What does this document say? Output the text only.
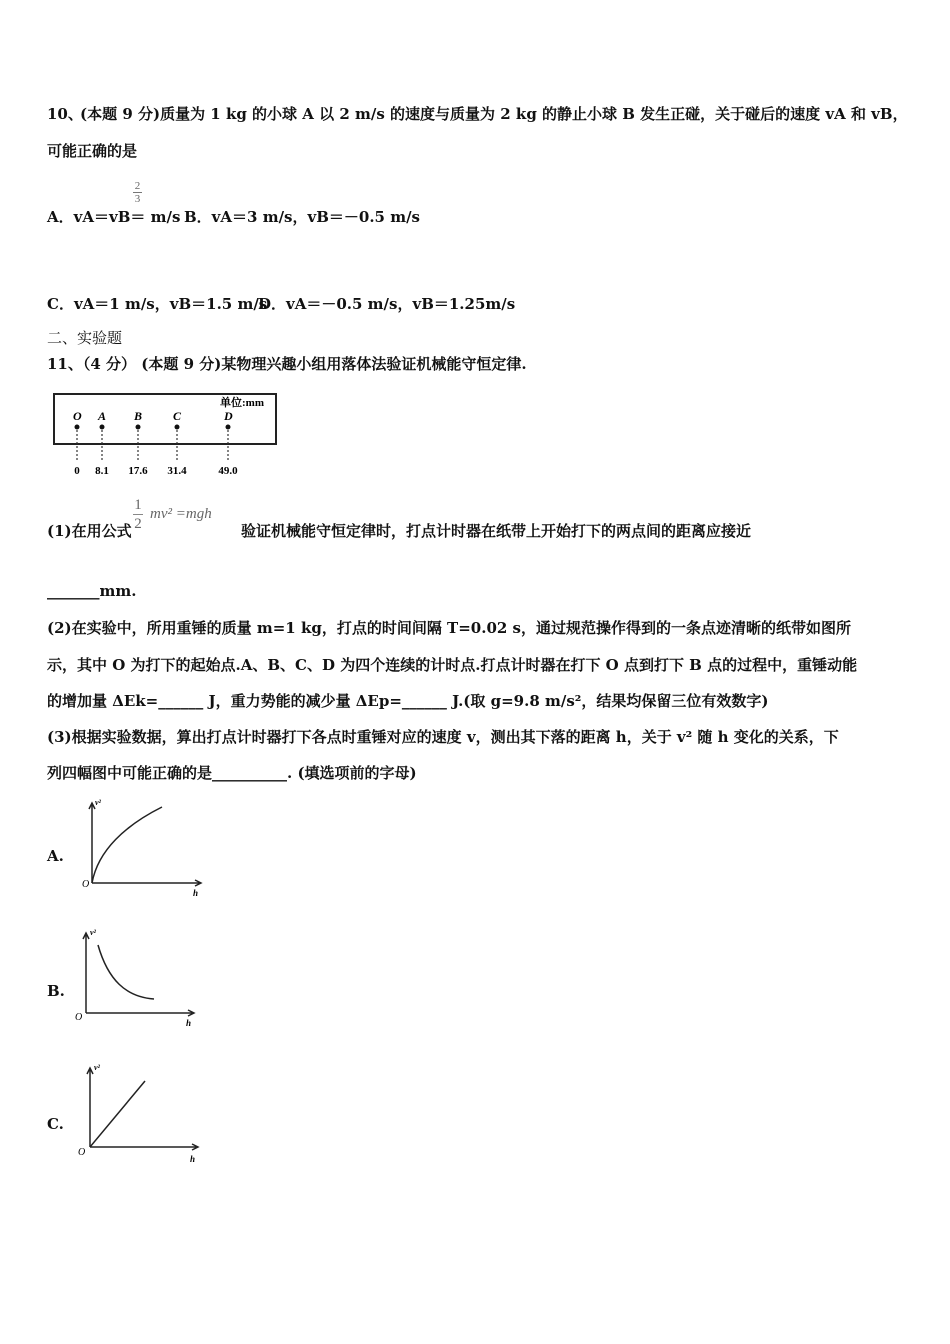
10、
(本题 9 分)质量为 1 kg 的小球 A 以 2 m/s 的速度与质量为 2 kg 的静止小球 B 发生正碰，关于碰后的速度 vA 和 vB，
可能正确的是
2
3
A．vA＝vB＝ m/s B．vA＝3 m/s，vB＝－0.5 m/s
C．vA＝1 m/s，vB＝1.5 m/s
D．vA＝－0.5 m/s，vB＝1.25m/s
二、实验题
11、（4 分） (本题 9 分)某物理兴趣小组用落体法验证机械能守恒定律.
单位:mm
O
0
A
8.1
B
17.6
C
31.4
D
49.0
(1)在用公式
1
2
mv² =mgh
验证机械能守恒定律时，打点计时器在纸带上开始打下的两点间的距离应接近
_______mm.
(2)在实验中，所用重锤的质量 m=1 kg，打点的时间间隔 T=0.02 s，通过规范操作得到的一条点迹清晰的纸带如图所
示，其中 O 为打下的起始点.A、B、C、D 为四个连续的计时点.打点计时器在打下 O 点到打下 B 点的过程中，重锤动能
的增加量 ΔEk=______ J，重力势能的减少量 ΔEp=______ J.(取 g=9.8 m/s²，结果均保留三位有效数字)
(3)根据实验数据，算出打点计时器打下各点时重锤对应的速度 v，测出其下落的距离 h，关于 v² 随 h 变化的关系，下
列四幅图中可能正确的是__________. (填选项前的字母)
A.
v²
h
O
B.
v²
h
O
C.
v²
h
O
